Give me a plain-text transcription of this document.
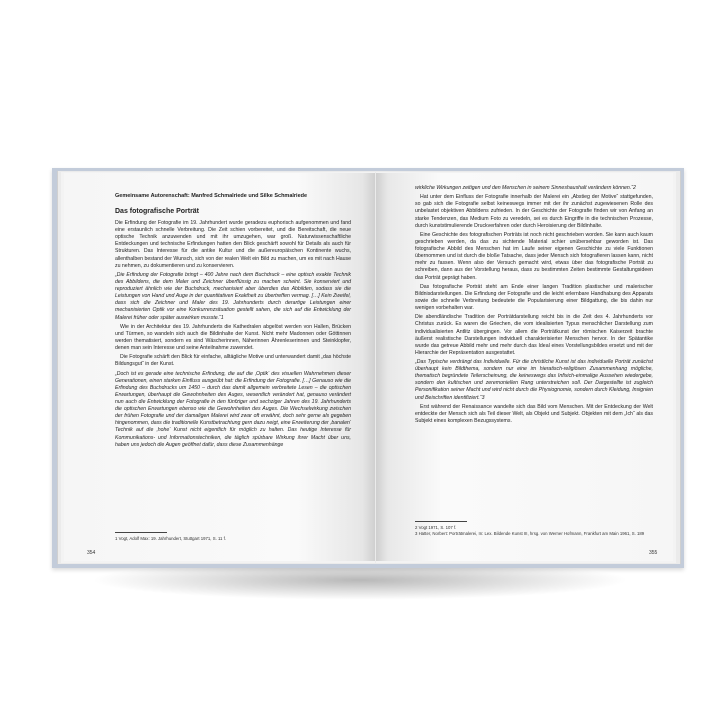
Gemeinsame Autorenschaft: Manfred Schmalriede und Silke Schmalriede
Das fotografische Porträt

Die Erfindung der Fotografie im 19. Jahrhundert wurde geradezu euphorisch aufgenommen und fand eine erstaunlich schnelle Verbreitung. Die Zeit schien vorbereitet, und die Bereitschaft, die neue optische Technik anzuwenden und mit ihr umzugehen, war groß. Naturwissenschaftliche Entdeckungen und technische Erfindungen hatten den Blick geschärft sowohl für Details als auch für Strukturen. Das Interesse für die antike Kultur und die außereuropäischen Kontinente wuchs, allenthalben bestand der Wunsch, sich von der realen Welt ein Bild zu machen, um es mit nach Hause zu nehmen, zu dokumentieren und zu konservieren.

„Die Erfindung der Fotografie bringt – 400 Jahre nach dem Buchdruck – eine optisch exakte Technik des Abbildens, die dem Maler und Zeichner überflüssig zu machen scheint. Sie konserviert und reproduziert ähnlich wie der Buchdruck, mechanisiert aber überdies das Abbilden, sodass sie die Leistungen von Hand und Auge in der quantitativen Exaktheit zu übertreffen vermag. […] Kein Zweifel, dass sich die Zeichner und Maler des 19. Jahrhunderts durch derartige Leistungen einer mechanisierten Optik vor eine Konkurrenzsituation gestellt sahen, die sich auf die Entwicklung der Malerei früher oder später auswirken musste.“1

Wie in der Architektur des 19. Jahrhunderts die Kathedralen abgelöst werden von Hallen, Brücken und Türmen, so wandeln sich auch die Bildinhalte der Kunst. Nicht mehr Madonnen oder Göttinnen werden thematisiert, sondern es sind Wäscherinnen, Näherinnen Ährenleserinnen und Steinklopfer, denen man sein Interesse und seine Anteilnahme zuwendet.

Die Fotografie schärft den Blick für einfache, alltägliche Motive und unterwandert damit „das höchste Bildungsgut“ in der Kunst.

„Doch ist es gerade eine technische Erfindung, die auf die ‚Optik‘ des visuellen Wahrnehmen dieser Generationen, einen starken Einfluss ausgeübt hat: die Erfindung der Fotografie. […] Genauso wie die Erfindung des Buchdrucks um 1450 – durch das damit allgemein verbreitete Lesen – die optischen Erwartungen, überhaupt die Gewohnheiten des Auges, wesentlich verändert hat, genauso verändert nun auch die Entwicklung der Fotografie in den fünfziger und sechziger Jahren des 19. Jahrhunderts die optischen Erwartungen ebenso wie die Gewohnheiten des Auges. Die Wechselwirkung zwischen der frühen Fotografie und der damaligen Malerei wird zwar oft erwähnt, doch sehr gerne als gegeben hingenommen, dass die traditionelle Kunstbetrachtung gern dazu neigt, eine Erweiterung der ‚banalen‘ Technik auf die ‚hohe‘ Kunst nicht eigentlich für möglich zu halten. Das heutige Interesse für Kommunikations- und Informationstechniken, die täglich spürbare Wirkung ihrer Macht über uns, haben uns jedoch die Augen geöffnet dafür, dass diese Zusammenhänge

1 Vogt, Adolf Max: 19. Jahrhundert, Stuttgart 1971, S. 11 f.

354

wirkliche Wirkungen zeitigen und den Menschen in seinem Sinneshaushalt verändern können.“2

Hat unter dem Einfluss der Fotografie innerhalb der Malerei ein „Abstieg der Motive“ stattgefunden, so gab sich die Fotografie selbst keineswegs immer mit der ihr zunächst zugewiesenen Rolle des unbelastet objektiven Abbildens zufrieden. In der Geschichte der Fotografie finden wir von Anfang an starke Tendenzen, das Medium Foto zu veredeln, sei es durch Eingriffe in die technischen Prozesse, durch kunststimulierende Druckverfahren oder durch Heroisierung der Bildinhalte.

Eine Geschichte des fotografischen Porträts ist noch nicht geschrieben worden. Sie kann auch kaum geschrieben werden, da das zu sichtende Material schier unübersehbar geworden ist. Das fotografische Abbild des Menschen hat im Laufe seiner eigenen Geschichte zu viele Funktionen übernommen und ist durch die bloße Tatsache, dass jeder Mensch sich fotografieren lassen kann, nicht mehr zu fassen. Wenn also der Versuch gemacht wird, etwas über das fotografische Porträt zu schreiben, dann aus der Vorstellung heraus, dass zu bestimmten Zeiten bestimmte Gestaltungsideen das Porträt geprägt haben.

Das fotografische Porträt steht am Ende einer langen Tradition plastischer und malerischer Bildnisdarstellungen. Die Erfindung der Fotografie und die leicht erlernbare Handhabung des Apparats sowie die schnelle Verbreitung bedeutete die Popularisierung einer Bildgattung, die bis dahin nur wenigen vorbehalten war.

Die abendländische Tradition der Porträtdarstellung reicht bis in die Zeit des 4. Jahrhunderts vor Christus zurück. Es waren die Griechen, die vom idealisierten Typus menschlicher Darstellung zum individualisierten Antlitz übergingen. Vor allem die Porträtkunst der römischen Kaiserzeit brachte äußerst realistische Darstellungen individuell charakterisierter Menschen hervor. In der Spätantike wurde das getreue Abbild mehr und mehr durch das Ideal eines Vorstellungsbildes ersetzt und mit der Hierarchie der Repräsentation ausgestattet.

„Das Typische verdrängt das Individuelle. Für die christliche Kunst ist das individuelle Porträt zunächst überhaupt kein Bildthema, sondern nur eine im hieratisch-religiösen Zusammenhang mögliche, thematisch begründete Teilerscheinung, die keineswegs das Infixich-einmalige Aussehen wiedergebe, sondern den kultischen und zeremoniellen Rang unterstreichen soll. Der Dargestellte ist zugleich Personifikation seiner Macht und wird nicht durch die Physiognomie, sondern durch Kleidung, Insignien und Beischriften identifiziert.“3

Erst während der Renaissance wandelte sich das Bild vom Menschen. Mit der Entdeckung der Welt entdeckte der Mensch sich als Teil dieser Welt, als Objekt und Subjekt. Objekten mit dem „Ich“ als das Subjekt eines komplexen Bezugssystems.

2 Vogt 1971, S. 107 f.

3 Hatter, Norbert: Porträtmalerei, In: Lex. Bildende Kunst III, hrsg. von Werner Hofmann, Frankfurt am Main 1961, S. 189

355
